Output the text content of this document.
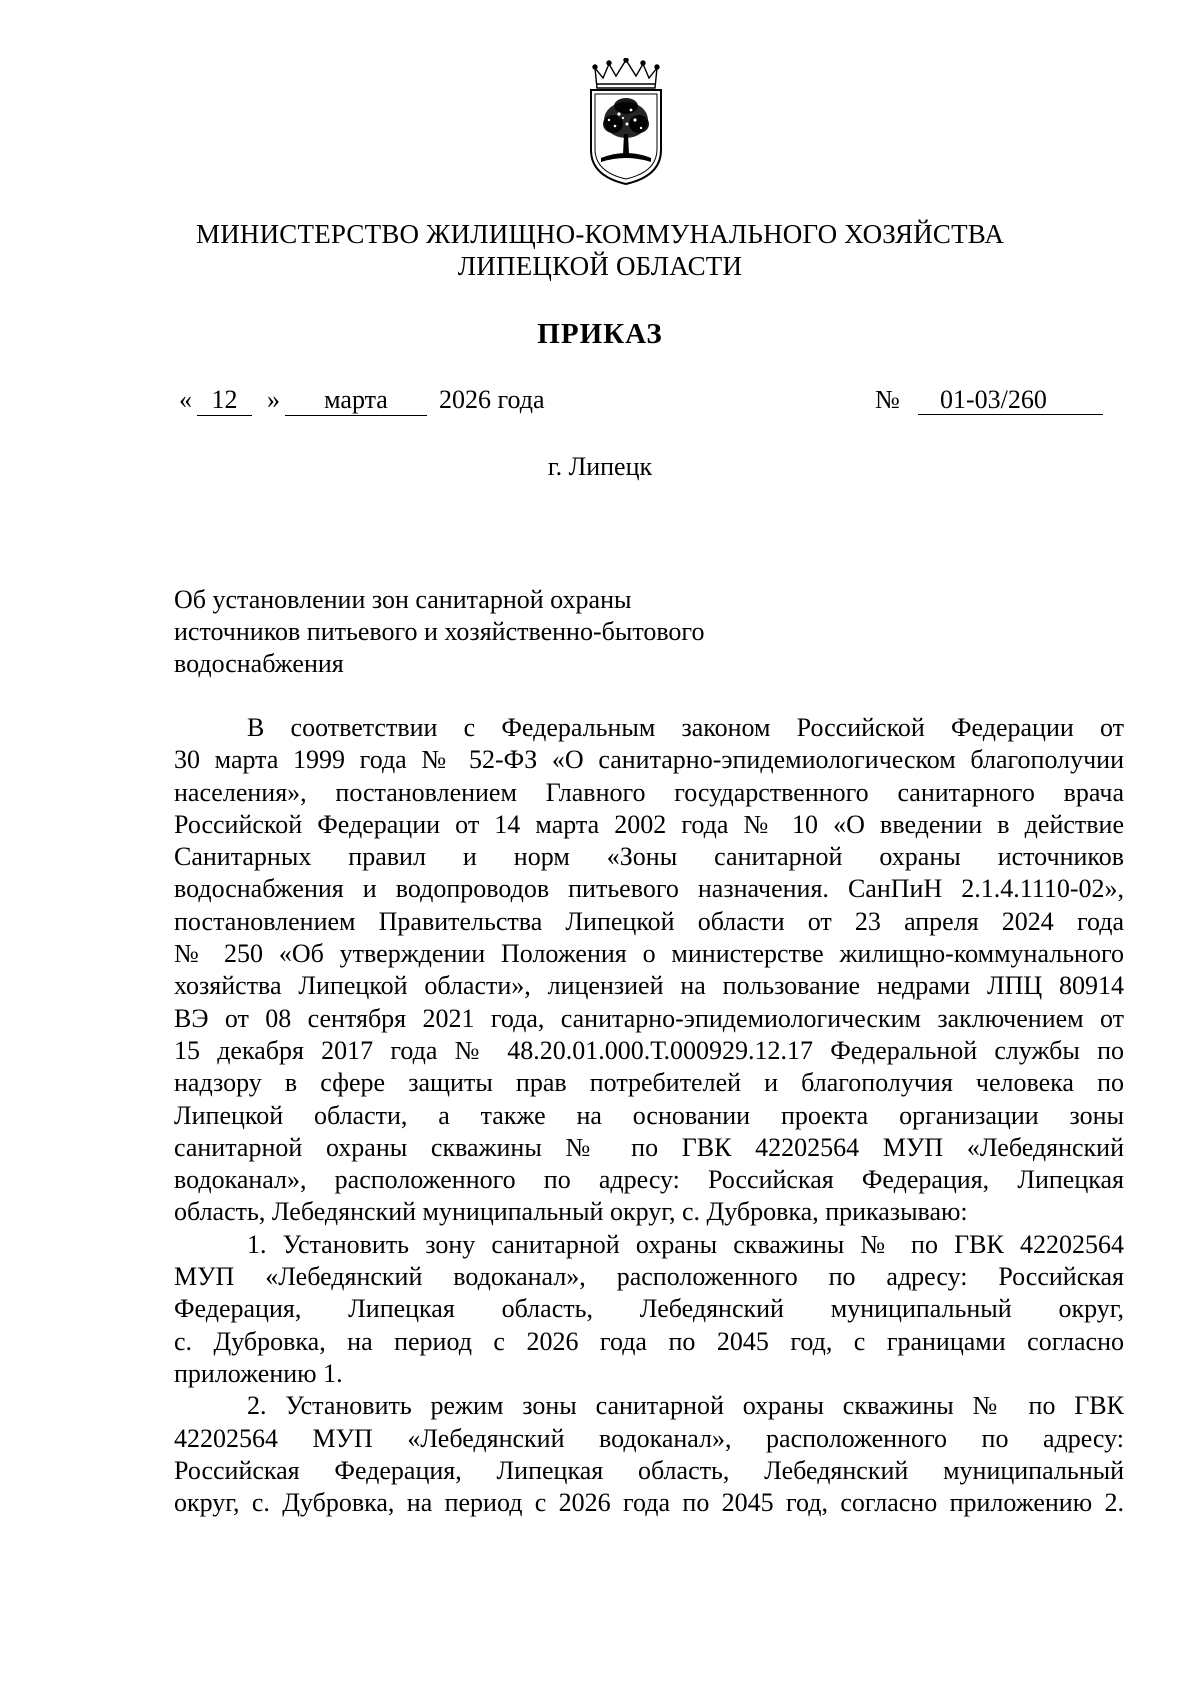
МИНИСТЕРСТВО ЖИЛИЩНО-КОММУНАЛЬНОГО ХОЗЯЙСТВА
ЛИПЕЦКОЙ ОБЛАСТИ
ПРИКАЗ
« 12	»	марта	2026 года	№	01-03/260
г. Липецк
Об установлении зон санитарной охраны
источников питьевого и хозяйственно-бытового
водоснабжения
В соответствии с Федеральным законом Российской Федерации от
30 марта 1999 года № 52-ФЗ «О санитарно-эпидемиологическом благополучии
населения», постановлением Главного государственного санитарного врача
Российской Федерации от 14 марта 2002 года № 10 «О введении в действие
Санитарных правил и норм «Зоны санитарной охраны источников
водоснабжения и водопроводов питьевого назначения. СанПиН 2.1.4.1110-02»,
постановлением Правительства Липецкой области от 23 апреля 2024 года
№ 250 «Об утверждении Положения о министерстве жилищно-коммунального
хозяйства Липецкой области», лицензией на пользование недрами ЛПЦ 80914
ВЭ от 08 сентября 2021 года, санитарно-эпидемиологическим заключением от
15 декабря 2017 года № 48.20.01.000.Т.000929.12.17 Федеральной службы по
надзору в сфере защиты прав потребителей и благополучия человека по
Липецкой области, а также на основании проекта организации зоны
санитарной охраны скважины № по ГВК 42202564 МУП «Лебедянский
водоканал», расположенного по адресу: Российская Федерация, Липецкая
область, Лебедянский муниципальный округ, с. Дубровка, приказываю:
1. Установить зону санитарной охраны скважины № по ГВК 42202564
МУП «Лебедянский водоканал», расположенного по адресу: Российская
Федерация, Липецкая область, Лебедянский муниципальный округ,
с. Дубровка, на период с 2026 года по 2045 год, с границами согласно
приложению 1.
2. Установить режим зоны санитарной охраны скважины № по ГВК
42202564 МУП «Лебедянский водоканал», расположенного по адресу:
Российская Федерация, Липецкая область, Лебедянский муниципальный
округ, с. Дубровка, на период с 2026 года по 2045 год, согласно приложению 2.
